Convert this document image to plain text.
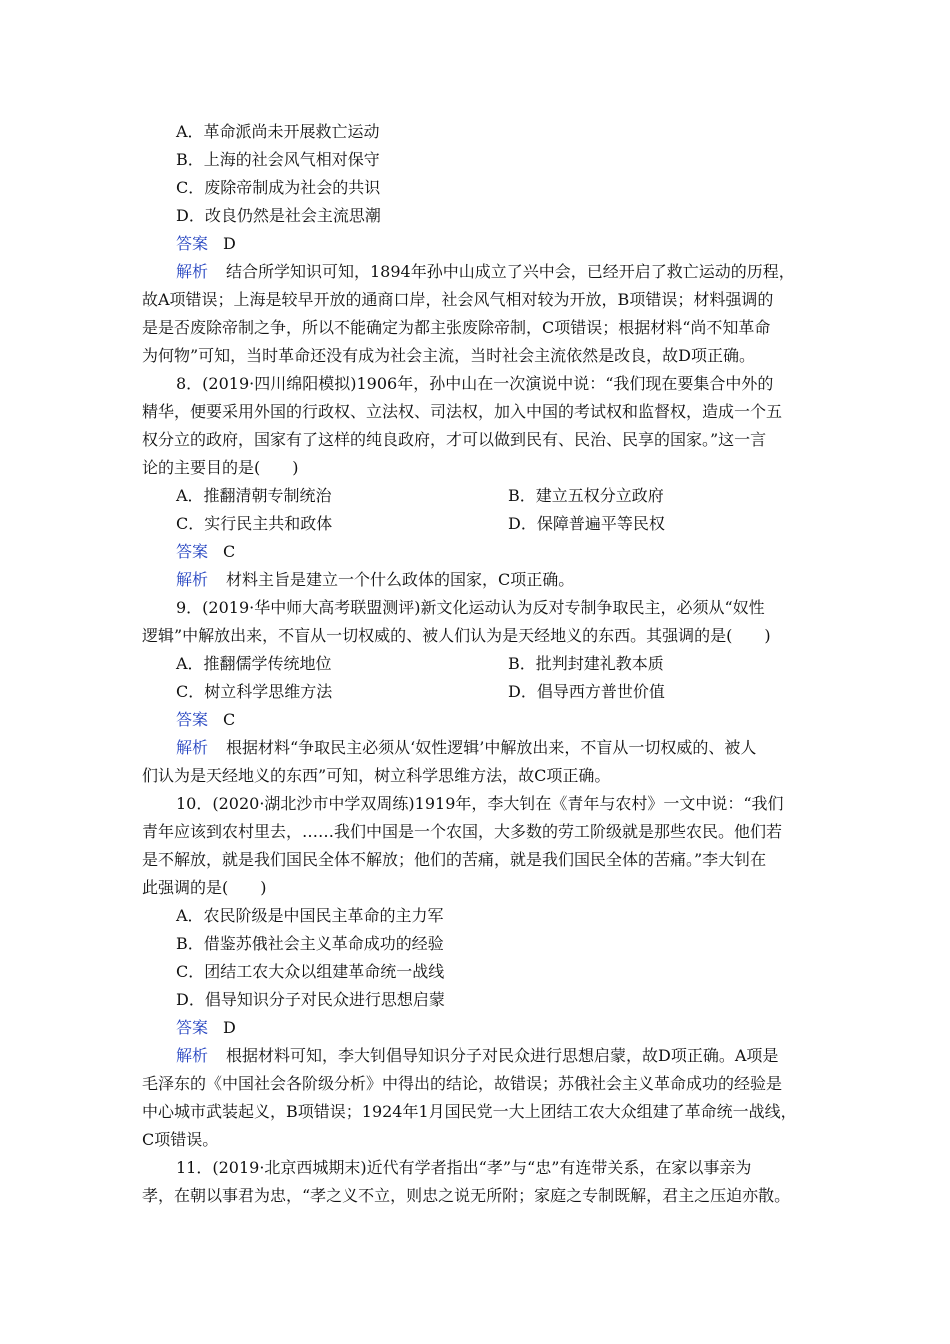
A．革命派尚未开展救亡运动
B．上海的社会风气相对保守
C．废除帝制成为社会的共识
D．改良仍然是社会主流思潮
答案 D
解析 结合所学知识可知，1894年孙中山成立了兴中会，已经开启了救亡运动的历程，
故A项错误；上海是较早开放的通商口岸，社会风气相对较为开放，B项错误；材料强调的
是是否废除帝制之争，所以不能确定为都主张废除帝制，C项错误；根据材料“尚不知革命
为何物”可知，当时革命还没有成为社会主流，当时社会主流依然是改良，故D项正确。
8．(2019·四川绵阳模拟)1906年，孙中山在一次演说中说：“我们现在要集合中外的
精华，便要采用外国的行政权、立法权、司法权，加入中国的考试权和监督权，造成一个五
权分立的政府，国家有了这样的纯良政府，才可以做到民有、民治、民享的国家。”这一言
论的主要目的是(　　)
A．推翻清朝专制统治	B．建立五权分立政府
C．实行民主共和政体	D．保障普遍平等民权
答案 C
解析 材料主旨是建立一个什么政体的国家，C项正确。
9．(2019·华中师大高考联盟测评)新文化运动认为反对专制争取民主，必须从“奴性
逻辑”中解放出来，不盲从一切权威的、被人们认为是天经地义的东西。其强调的是(　　)
A．推翻儒学传统地位	B．批判封建礼教本质
C．树立科学思维方法	D．倡导西方普世价值
答案 C
解析 根据材料“争取民主必须从‘奴性逻辑’中解放出来，不盲从一切权威的、被人
们认为是天经地义的东西”可知，树立科学思维方法，故C项正确。
10．(2020·湖北沙市中学双周练)1919年，李大钊在《青年与农村》一文中说：“我们
青年应该到农村里去，……我们中国是一个农国，大多数的劳工阶级就是那些农民。他们若
是不解放，就是我们国民全体不解放；他们的苦痛，就是我们国民全体的苦痛。”李大钊在
此强调的是(　　)
A．农民阶级是中国民主革命的主力军
B．借鉴苏俄社会主义革命成功的经验
C．团结工农大众以组建革命统一战线
D．倡导知识分子对民众进行思想启蒙
答案 D
解析 根据材料可知，李大钊倡导知识分子对民众进行思想启蒙，故D项正确。A项是
毛泽东的《中国社会各阶级分析》中得出的结论，故错误；苏俄社会主义革命成功的经验是
中心城市武装起义，B项错误；1924年1月国民党一大上团结工农大众组建了革命统一战线，
C项错误。
11．(2019·北京西城期末)近代有学者指出“孝”与“忠”有连带关系，在家以事亲为
孝，在朝以事君为忠，“孝之义不立，则忠之说无所附；家庭之专制既解，君主之压迫亦散。
